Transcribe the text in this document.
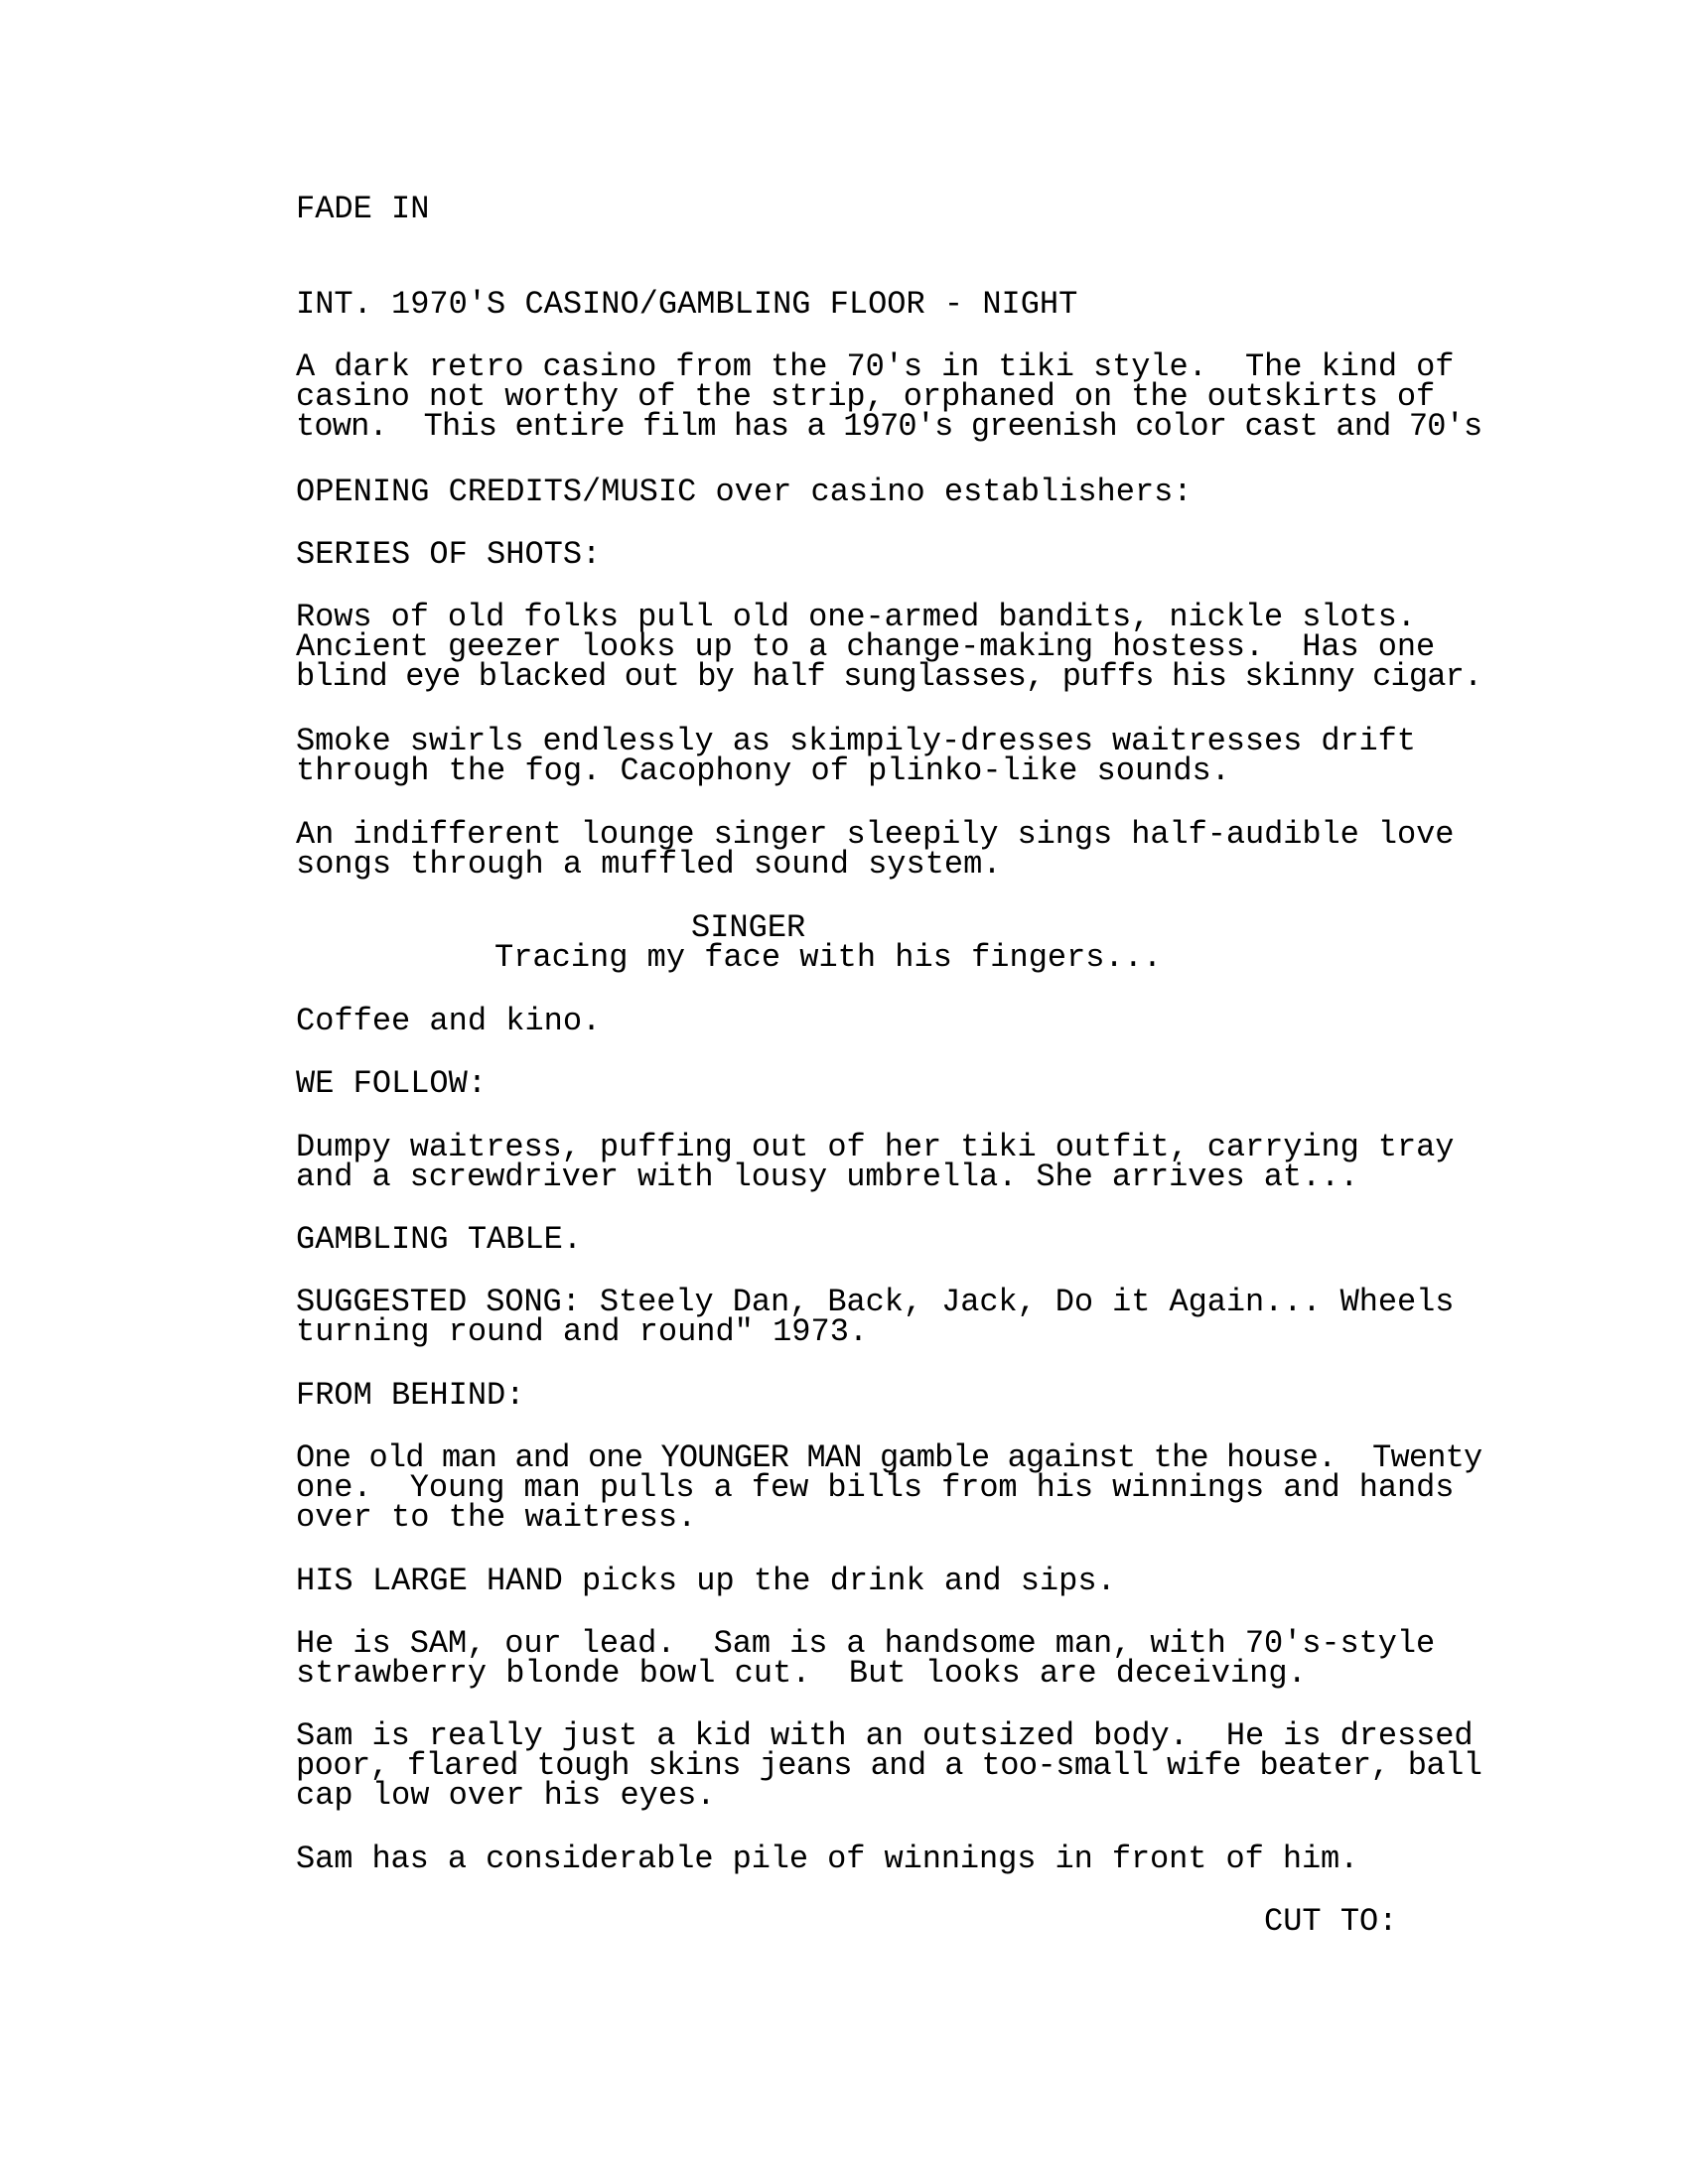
FADE IN
INT. 1970'S CASINO/GAMBLING FLOOR - NIGHT
A dark retro casino from the 70's in tiki style.  The kind of
casino not worthy of the strip, orphaned on the outskirts of
town.  This entire film has a 1970's greenish color cast and 70's
OPENING CREDITS/MUSIC over casino establishers:
SERIES OF SHOTS:
Rows of old folks pull old one-armed bandits, nickle slots.
Ancient geezer looks up to a change-making hostess.  Has one
blind eye blacked out by half sunglasses, puffs his skinny cigar.
Smoke swirls endlessly as skimpily-dresses waitresses drift
through the fog. Cacophony of plinko-like sounds.
An indifferent lounge singer sleepily sings half-audible love
songs through a muffled sound system.
SINGER
Tracing my face with his fingers...
Coffee and kino.
WE FOLLOW:
Dumpy waitress, puffing out of her tiki outfit, carrying tray
and a screwdriver with lousy umbrella. She arrives at...
GAMBLING TABLE.
SUGGESTED SONG: Steely Dan, Back, Jack, Do it Again... Wheels
turning round and round" 1973.
FROM BEHIND:
One old man and one YOUNGER MAN gamble against the house.  Twenty
one.  Young man pulls a few bills from his winnings and hands
over to the waitress.
HIS LARGE HAND picks up the drink and sips.
He is SAM, our lead.  Sam is a handsome man, with 70's-style
strawberry blonde bowl cut.  But looks are deceiving.
Sam is really just a kid with an outsized body.  He is dressed
poor, flared tough skins jeans and a too-small wife beater, ball
cap low over his eyes.
Sam has a considerable pile of winnings in front of him.
CUT TO:
